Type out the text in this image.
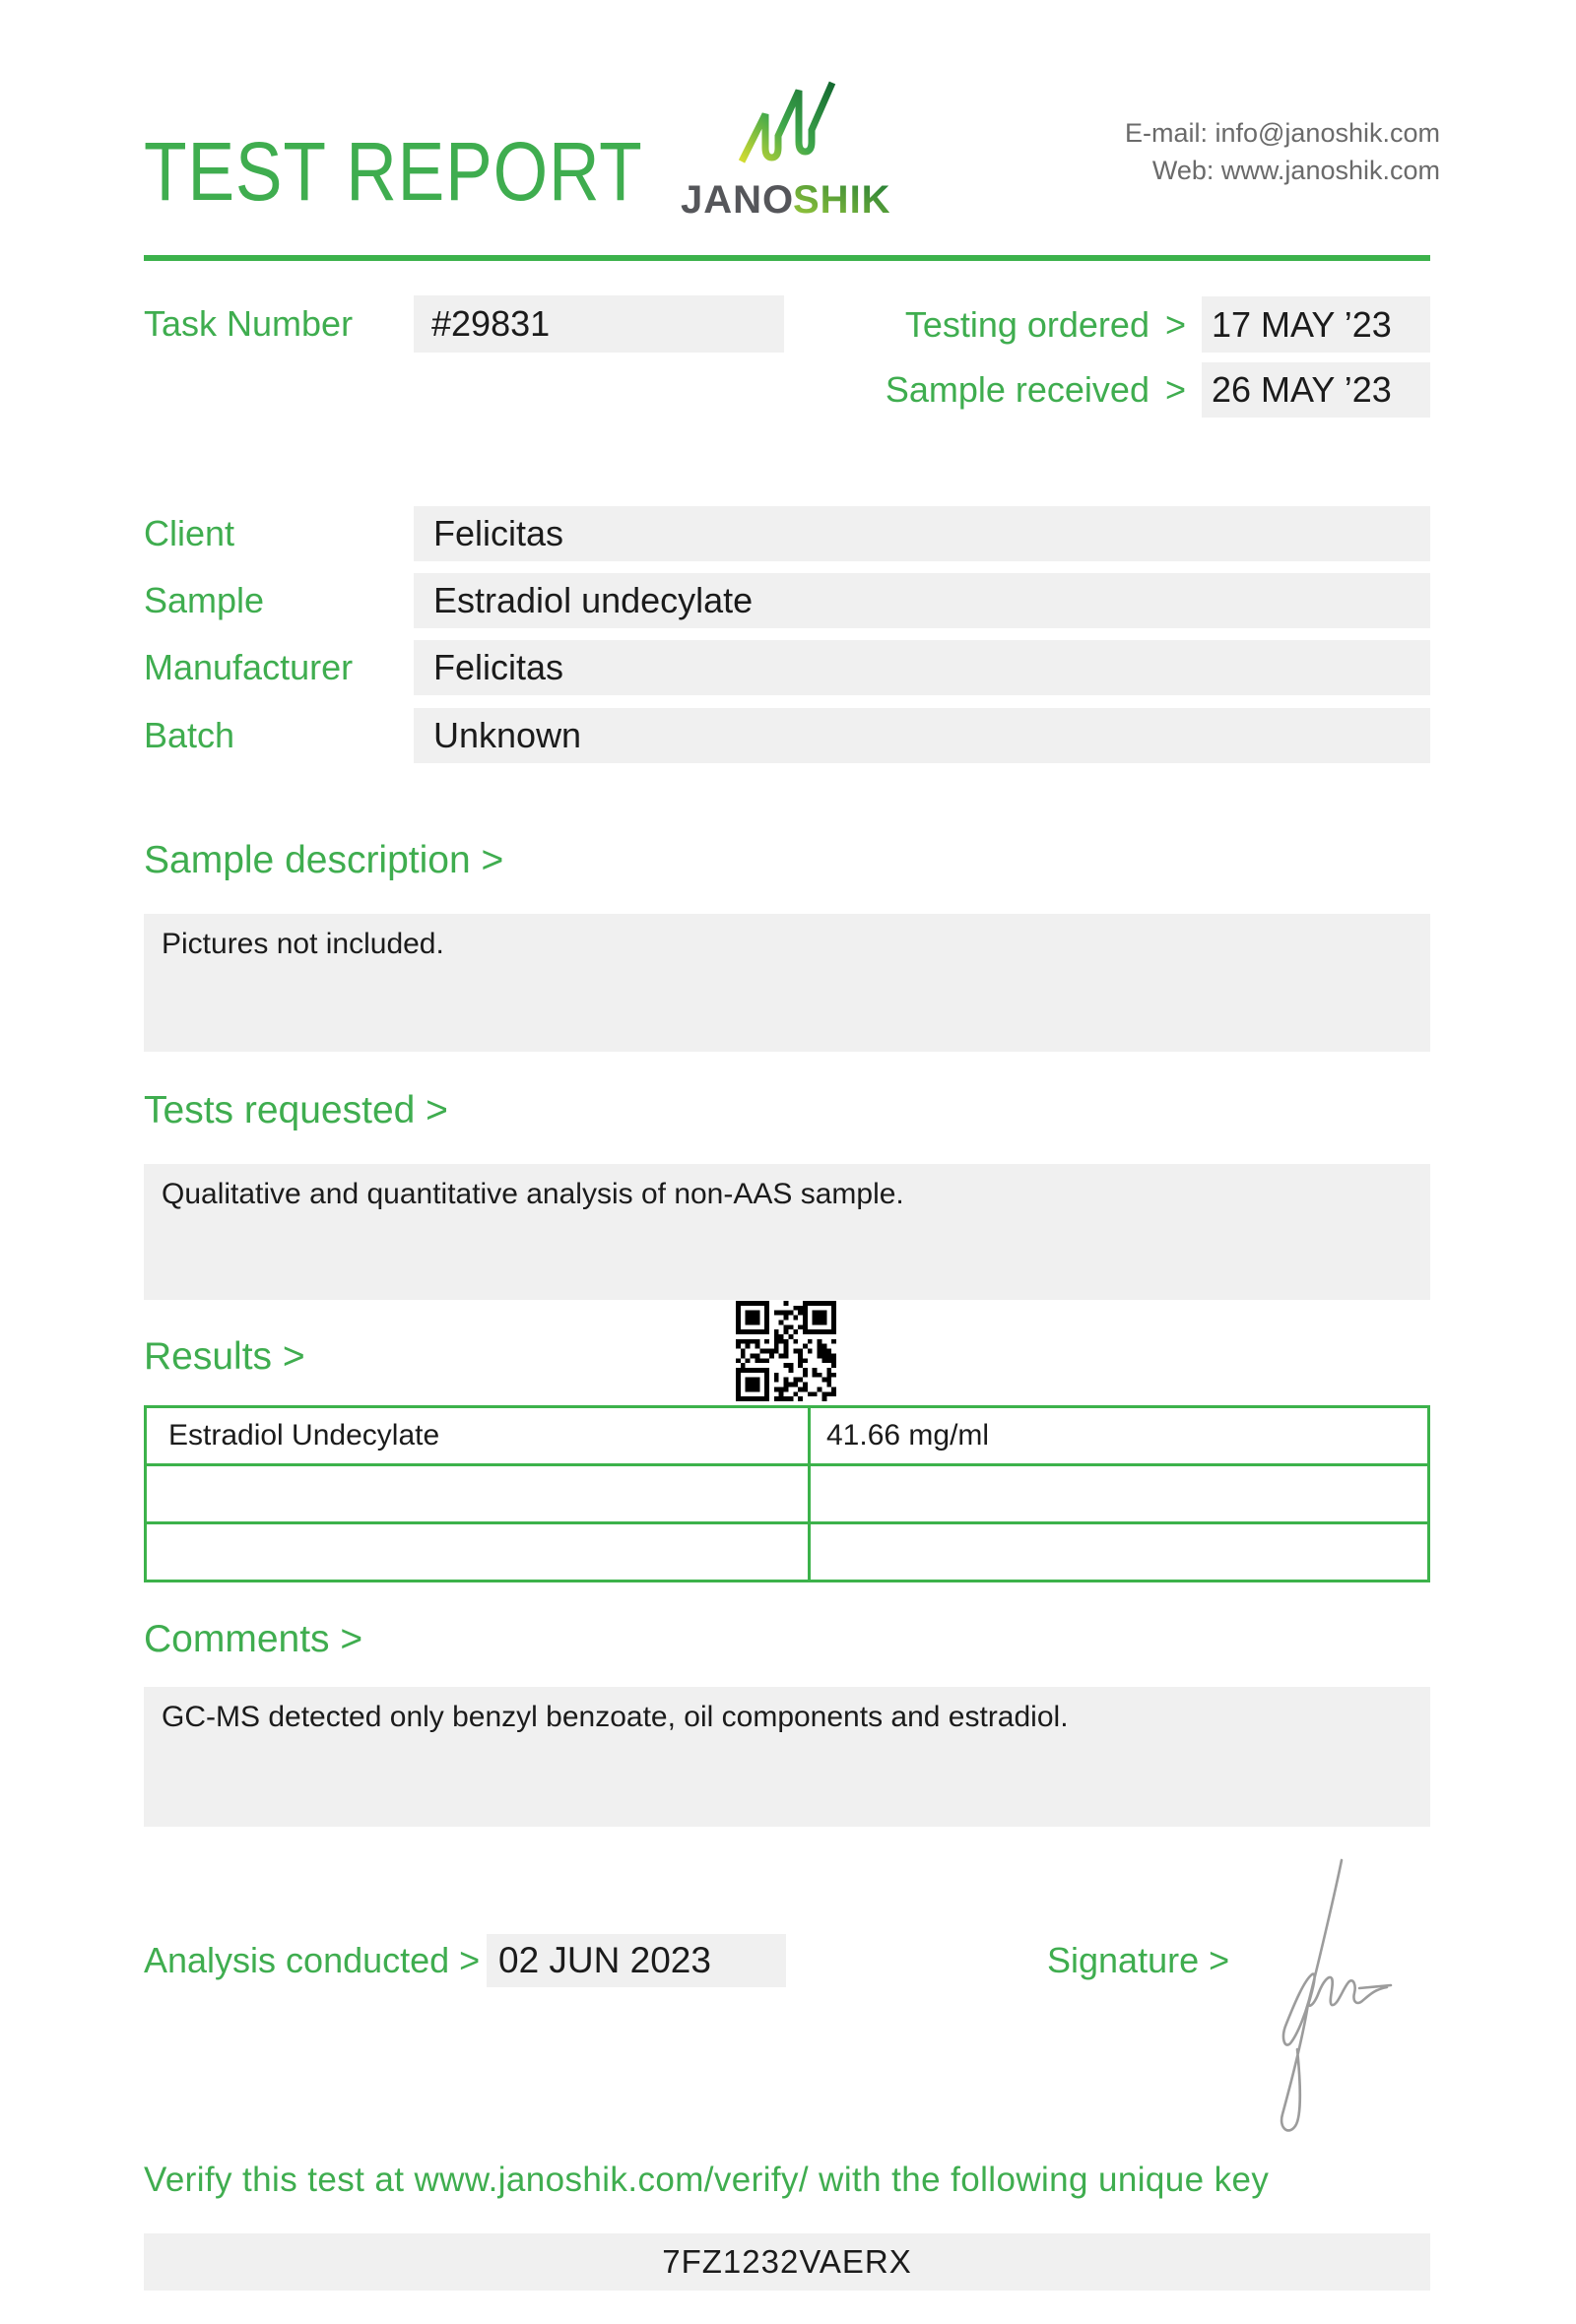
TEST REPORT JANO
SHIK
E-mail: info@janoshik.com
Web: www.janoshik.com
Task Number	#29831	Testing ordered > 17 MAY ’23
Sample received > 26 MAY ’23
Client	Felicitas
Sample	Estradiol undecylate
Manufacturer	Felicitas
Batch	Unknown
Sample description >
Pictures not included.
Tests requested >
Qualitative and quantitative analysis of non-AAS sample.
Results >
Estradiol Undecylate	41.66 mg/ml

Comments >
GC-MS detected only benzyl benzoate, oil components and estradiol.
Analysis conducted > 02 JUN 2023	Signature >
Verify this test at www.janoshik.com/verify/ with the following unique key
7FZ1232VAERX
